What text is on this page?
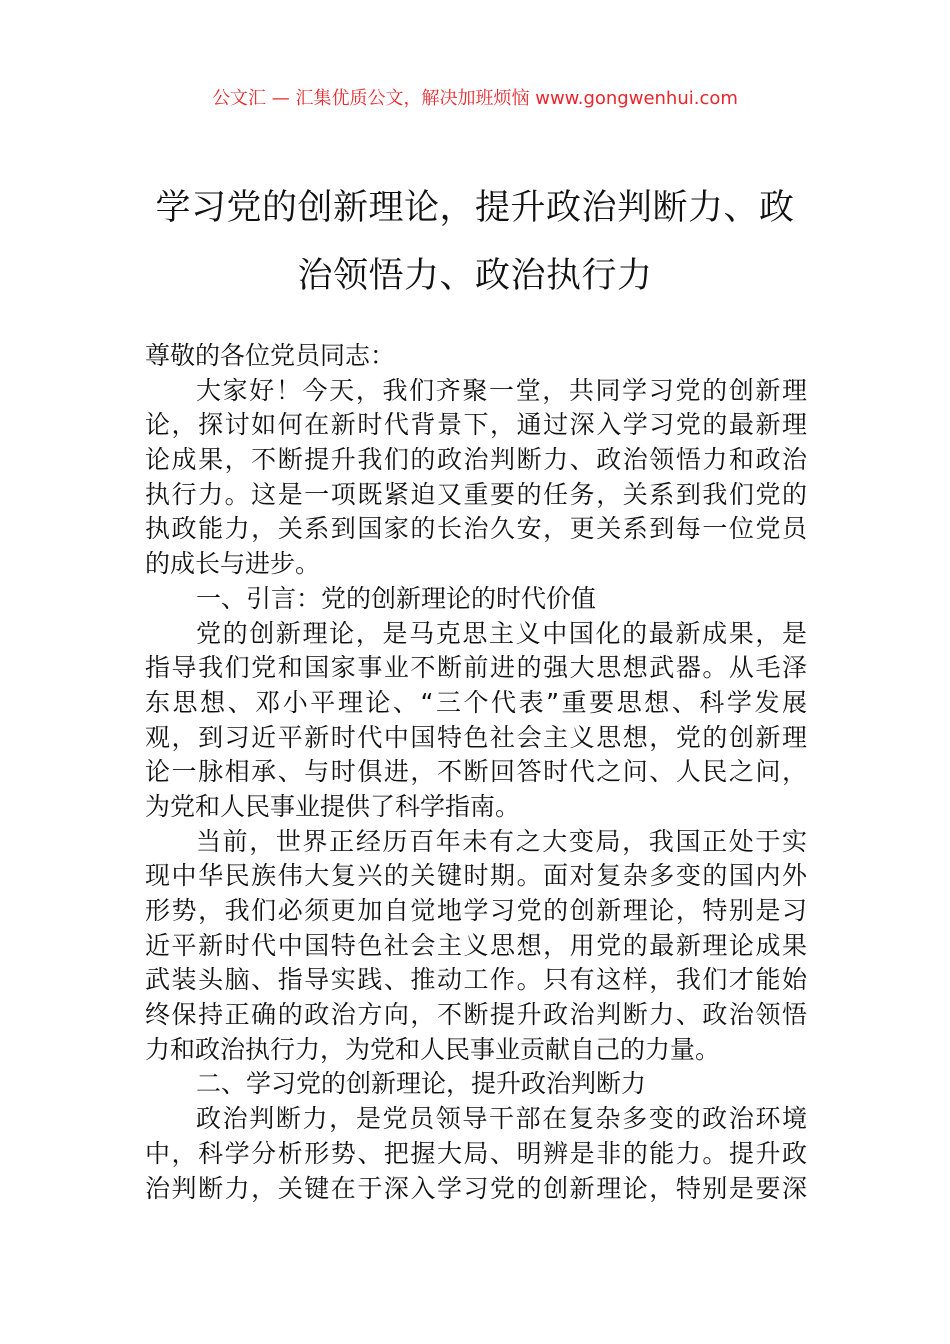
公文汇 — 汇集优质公文，解决加班烦恼 www.gongwenhui.com
学习党的创新理论，提升政治判断力、政
治领悟力、政治执行力
尊敬的各位党员同志：
大家好！今天，我们齐聚一堂，共同学习党的创新理
论，探讨如何在新时代背景下，通过深入学习党的最新理
论成果，不断提升我们的政治判断力、政治领悟力和政治
执行力。这是一项既紧迫又重要的任务，关系到我们党的
执政能力，关系到国家的长治久安，更关系到每一位党员
的成长与进步。
一、引言：党的创新理论的时代价值
党的创新理论，是马克思主义中国化的最新成果，是
指导我们党和国家事业不断前进的强大思想武器。从毛泽
东思想、邓小平理论、“三个代表”重要思想、科学发展
观，到习近平新时代中国特色社会主义思想，党的创新理
论一脉相承、与时俱进，不断回答时代之问、人民之问，
为党和人民事业提供了科学指南。
当前，世界正经历百年未有之大变局，我国正处于实
现中华民族伟大复兴的关键时期。面对复杂多变的国内外
形势，我们必须更加自觉地学习党的创新理论，特别是习
近平新时代中国特色社会主义思想，用党的最新理论成果
武装头脑、指导实践、推动工作。只有这样，我们才能始
终保持正确的政治方向，不断提升政治判断力、政治领悟
力和政治执行力，为党和人民事业贡献自己的力量。
二、学习党的创新理论，提升政治判断力
政治判断力，是党员领导干部在复杂多变的政治环境
中，科学分析形势、把握大局、明辨是非的能力。提升政
治判断力，关键在于深入学习党的创新理论，特别是要深
